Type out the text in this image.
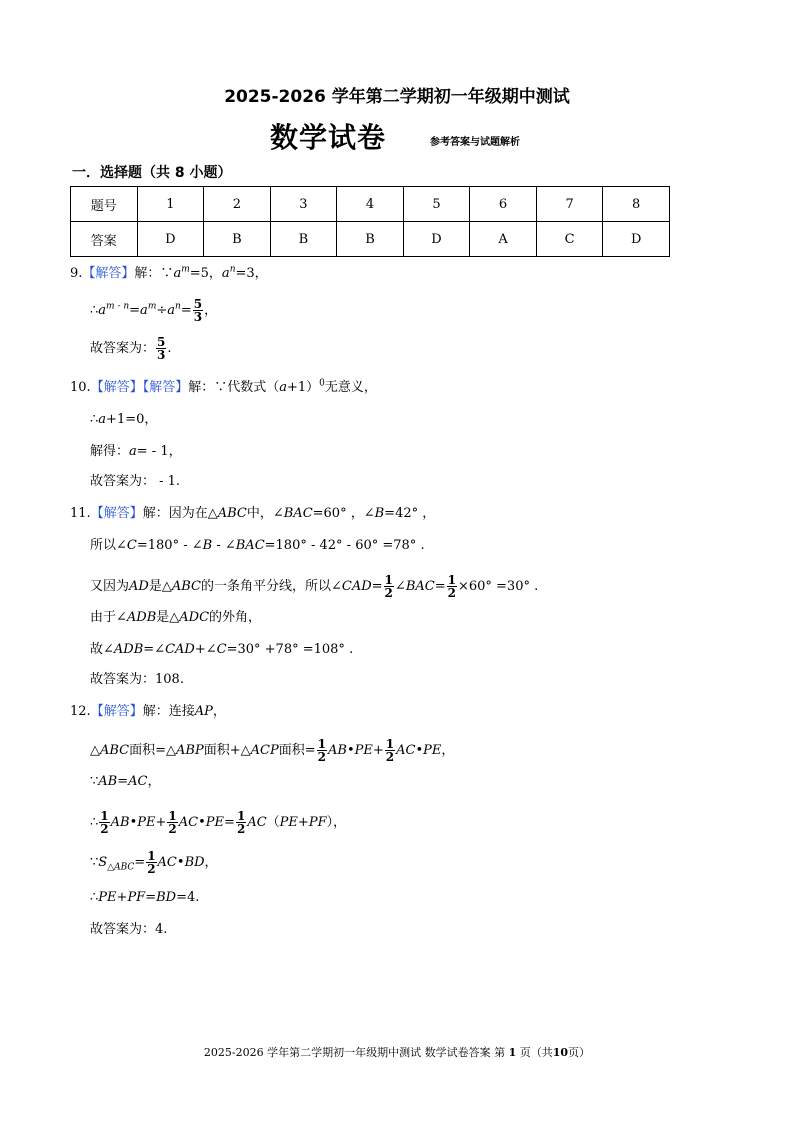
2025-2026 学年第二学期初一年级期中测试
数学试卷	参考答案与试题解析
一．选择题（共 8 小题）
题号	1	2	3	4	5	6	7	8
答案	D	B	B	B	D	A	C	D
9.【解答】解：$\because a^m=5$，$a^n=3$，
$\therefore a^{m - n}=a^m\div a^n= \frac{5}{3}$ ，
故答案为： $\frac{5}{3}$ .
10.【解答】【解答】解：∵代数式$(a+1)^0$无意义，
∴a+1=0，
解得：a= - 1，
故答案为： - 1.
11.【解答】解：因为在△ABC中，∠BAC=60° ，∠B=42° ，
所以∠C=180° - ∠B - ∠BAC=180° - 42° - 60° =78° .
又因为AD是△ABC的一条角平分线，所以∠CAD= $\frac{1}{2}$ ∠BAC= $\frac{1}{2} \times 60^\circ =30^\circ$ .
由于∠ADB是△ADC的外角，
故∠ADB=∠CAD+∠C=30° +78° =108° .
故答案为：108.
12.【解答】解：连接AP，
△ABC面积=△ABP面积+△ACP面积= $\frac{1}{2}$ AB•PE+ $\frac{1}{2}$ AC•PE，
∵AB=AC，
∴ $\frac{1}{2}$ AB•PE+ $\frac{1}{2}$ AC•PE= $\frac{1}{2} AC(PE+PF)$，
$\because S_{\triangle ABC}= \frac{1}{2}$ AC•BD，
∴PE+PF=BD=4.
故答案为：4.
2025-2026 学年第二学期初一年级期中测试 数学试卷答案 第 1 页（共10页）
